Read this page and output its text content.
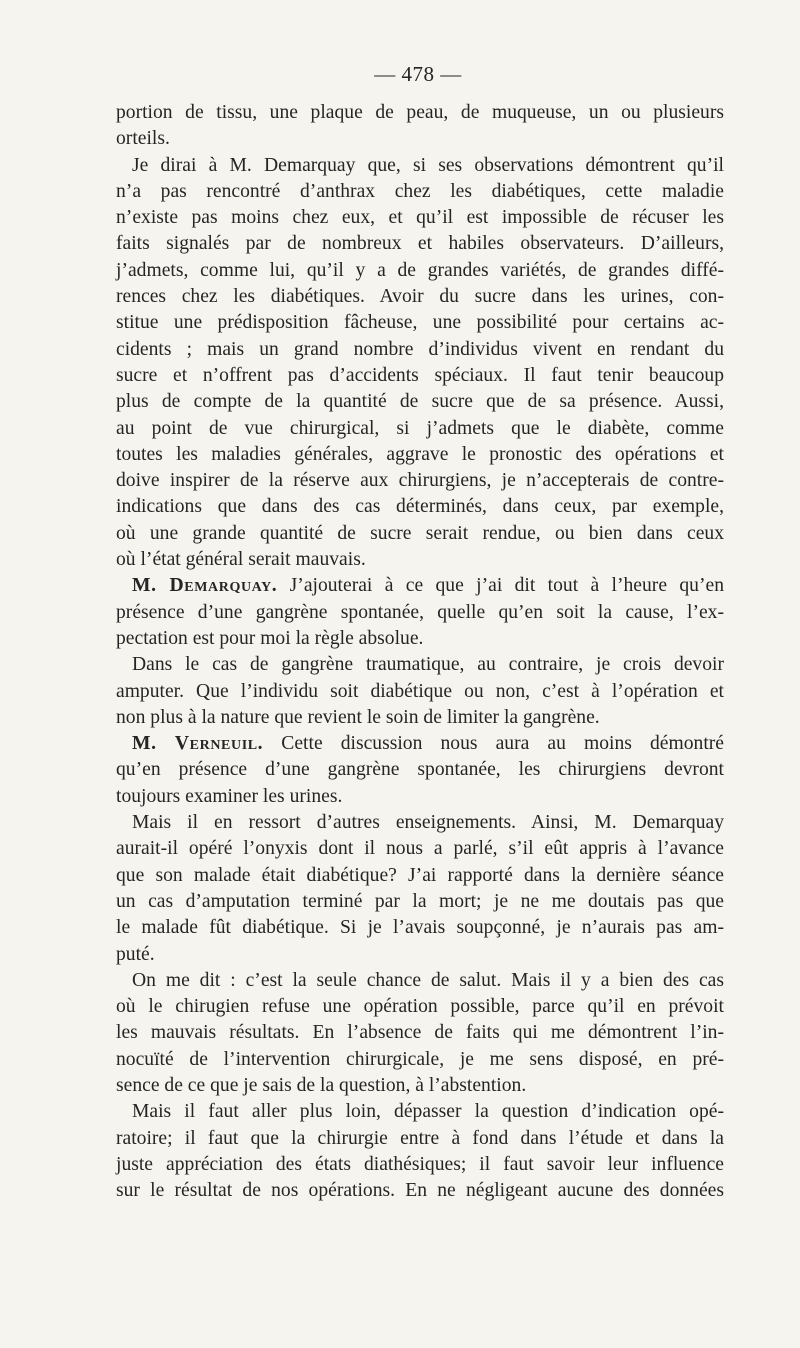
— 478 —
portion de tissu, une plaque de peau, de muqueuse, un ou plusieurs
orteils.
Je dirai à M. Demarquay que, si ses observations démontrent qu’il
n’a pas rencontré d’anthrax chez les diabétiques, cette maladie
n’existe pas moins chez eux, et qu’il est impossible de récuser les
faits signalés par de nombreux et habiles observateurs. D’ailleurs,
j’admets, comme lui, qu’il y a de grandes variétés, de grandes diffé-
rences chez les diabétiques. Avoir du sucre dans les urines, con-
stitue une prédisposition fâcheuse, une possibilité pour certains ac-
cidents ; mais un grand nombre d’individus vivent en rendant du
sucre et n’offrent pas d’accidents spéciaux. Il faut tenir beaucoup
plus de compte de la quantité de sucre que de sa présence. Aussi,
au point de vue chirurgical, si j’admets que le diabète, comme
toutes les maladies générales, aggrave le pronostic des opérations et
doive inspirer de la réserve aux chirurgiens, je n’accepterais de contre-
indications que dans des cas déterminés, dans ceux, par exemple,
où une grande quantité de sucre serait rendue, ou bien dans ceux
où l’état général serait mauvais.
M. Demarquay. J’ajouterai à ce que j’ai dit tout à l’heure qu’en
présence d’une gangrène spontanée, quelle qu’en soit la cause, l’ex-
pectation est pour moi la règle absolue.
Dans le cas de gangrène traumatique, au contraire, je crois devoir
amputer. Que l’individu soit diabétique ou non, c’est à l’opération et
non plus à la nature que revient le soin de limiter la gangrène.
M. Verneuil. Cette discussion nous aura au moins démontré
qu’en présence d’une gangrène spontanée, les chirurgiens devront
toujours examiner les urines.
Mais il en ressort d’autres enseignements. Ainsi, M. Demarquay
aurait-il opéré l’onyxis dont il nous a parlé, s’il eût appris à l’avance
que son malade était diabétique? J’ai rapporté dans la dernière séance
un cas d’amputation terminé par la mort; je ne me doutais pas que
le malade fût diabétique. Si je l’avais soupçonné, je n’aurais pas am-
puté.
On me dit : c’est la seule chance de salut. Mais il y a bien des cas
où le chirugien refuse une opération possible, parce qu’il en prévoit
les mauvais résultats. En l’absence de faits qui me démontrent l’in-
nocuïté de l’intervention chirurgicale, je me sens disposé, en pré-
sence de ce que je sais de la question, à l’abstention.
Mais il faut aller plus loin, dépasser la question d’indication opé-
ratoire; il faut que la chirurgie entre à fond dans l’étude et dans la
juste appréciation des états diathésiques; il faut savoir leur influence
sur le résultat de nos opérations. En ne négligeant aucune des données
